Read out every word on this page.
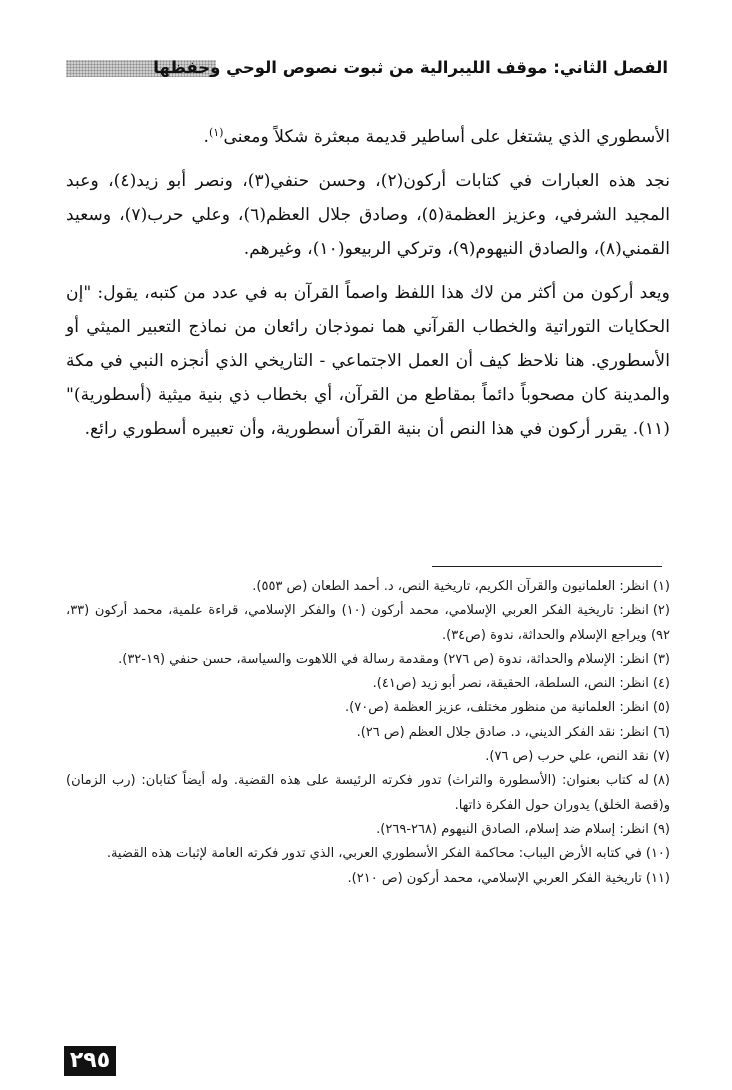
الفصل الثاني: موقف الليبرالية من ثبوت نصوص الوحي وحفظها

الأسطوري الذي يشتغل على أساطير قديمة مبعثرة شكلاً ومعنى$^{(١)}$.

نجد هذه العبارات في كتابات أركون(٢)، وحسن حنفي(٣)، ونصر أبو زيد(٤)، وعبد المجيد الشرفي، وعزيز العظمة(٥)، وصادق جلال العظم(٦)، وعلي حرب(٧)، وسعيد القمني(٨)، والصادق النيهوم(٩)، وتركي الربيعو(١٠)، وغيرهم.

ويعد أركون من أكثر من لاك هذا اللفظ واصماً القرآن به في عدد من كتبه، يقول: "إن الحكايات التوراتية والخطاب القرآني هما نموذجان رائعان من نماذج التعبير الميثي أو الأسطوري. هنا نلاحظ كيف أن العمل الاجتماعي - التاريخي الذي أنجزه النبي في مكة والمدينة كان مصحوباً دائماً بمقاطع من القرآن، أي بخطاب ذي بنية ميثية (أسطورية)"(١١). يقرر أركون في هذا النص أن بنية القرآن أسطورية، وأن تعبيره أسطوري رائع.

(١)انظر: العلمانيون والقرآن الكريم، تاريخية النص، د. أحمد الطعان (ص ٥٥٣).

(٢)انظر: تاريخية الفكر العربي الإسلامي، محمد أركون (١٠) والفكر الإسلامي، قراءة علمية، محمد أركون (٣٣، ٩٢) ويراجع الإسلام والحداثة، ندوة (ص٣٤).

(٣)انظر: الإسلام والحداثة، ندوة (ص ٢٧٦) ومقدمة رسالة في اللاهوت والسياسة، حسن حنفي (١٩-٣٢).

(٤)انظر: النص، السلطة، الحقيقة، نصر أبو زيد (ص٤١).

(٥)انظر: العلمانية من منظور مختلف، عزيز العظمة (ص٧٠).

(٦)انظر: نقد الفكر الديني، د. صادق جلال العظم (ص ٢٦).

(٧)نقد النص، علي حرب (ص ٧٦).

(٨)له كتاب بعنوان: (الأسطورة والتراث) تدور فكرته الرئيسة على هذه القضية. وله أيضاً كتابان: (رب الزمان) و(قصة الخلق) يدوران حول الفكرة ذاتها.

(٩)انظر: إسلام ضد إسلام، الصادق النيهوم (٢٦٨-٢٦٩).

(١٠)في كتابه الأرض اليباب: محاكمة الفكر الأسطوري العربي، الذي تدور فكرته العامة لإثبات هذه القضية.

(١١)تاريخية الفكر العربي الإسلامي، محمد أركون (ص ٢١٠).

٢٩٥
